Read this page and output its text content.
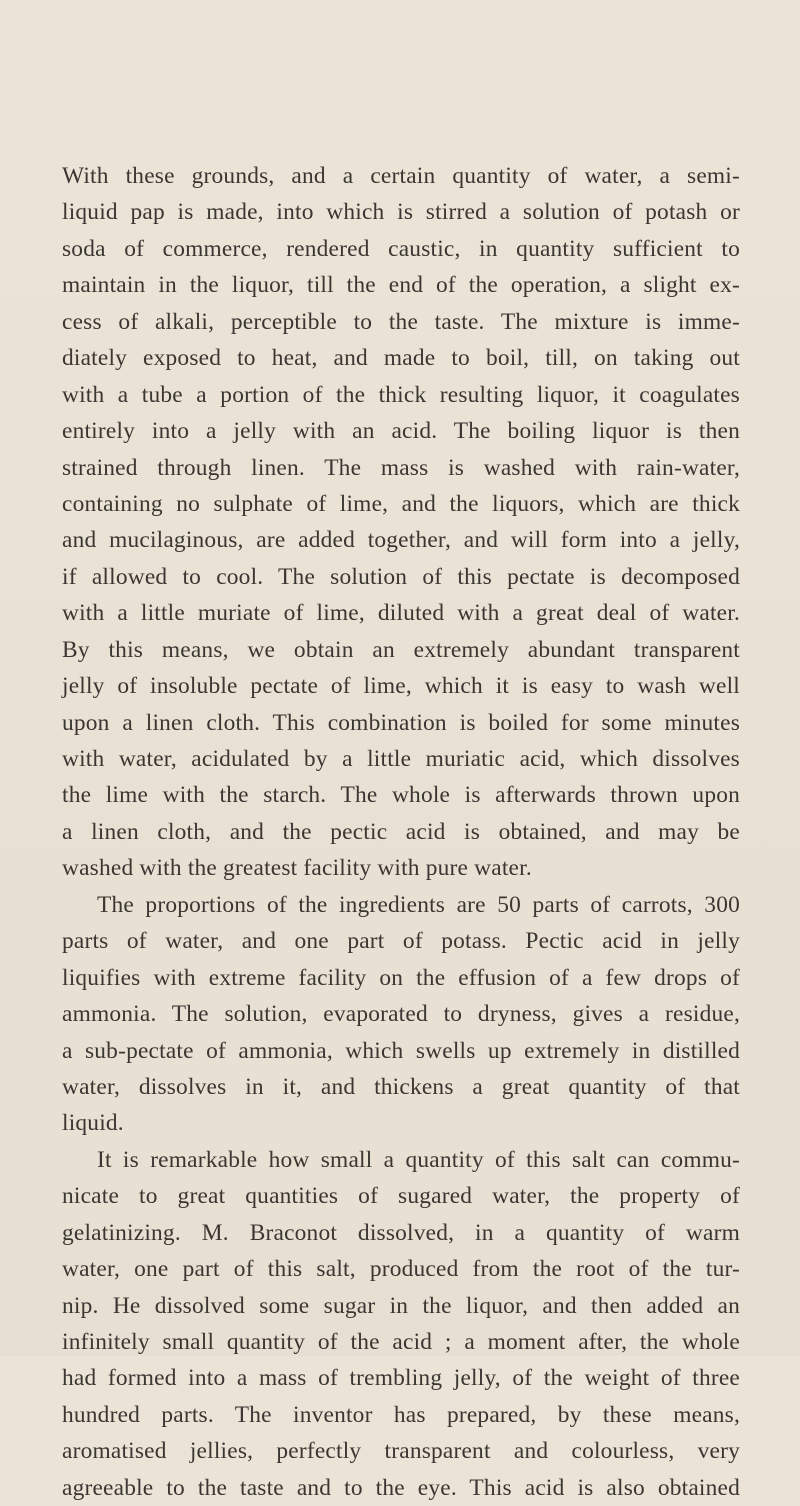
With these grounds, and a certain quantity of water, a semi-
liquid pap is made, into which is stirred a solution of potash or
soda of commerce, rendered caustic, in quantity sufficient to
maintain in the liquor, till the end of the operation, a slight ex-
cess of alkali, perceptible to the taste. The mixture is imme-
diately exposed to heat, and made to boil, till, on taking out
with a tube a portion of the thick resulting liquor, it coagulates
entirely into a jelly with an acid. The boiling liquor is then
strained through linen. The mass is washed with rain-water,
containing no sulphate of lime, and the liquors, which are thick
and mucilaginous, are added together, and will form into a jelly,
if allowed to cool. The solution of this pectate is decomposed
with a little muriate of lime, diluted with a great deal of water.
By this means, we obtain an extremely abundant transparent
jelly of insoluble pectate of lime, which it is easy to wash well
upon a linen cloth. This combination is boiled for some minutes
with water, acidulated by a little muriatic acid, which dissolves
the lime with the starch. The whole is afterwards thrown upon
a linen cloth, and the pectic acid is obtained, and may be
washed with the greatest facility with pure water.
The proportions of the ingredients are 50 parts of carrots, 300
parts of water, and one part of potass. Pectic acid in jelly
liquifies with extreme facility on the effusion of a few drops of
ammonia. The solution, evaporated to dryness, gives a residue,
a sub-pectate of ammonia, which swells up extremely in distilled
water, dissolves in it, and thickens a great quantity of that
liquid.
It is remarkable how small a quantity of this salt can commu-
nicate to great quantities of sugared water, the property of
gelatinizing. M. Braconot dissolved, in a quantity of warm
water, one part of this salt, produced from the root of the tur-
nip. He dissolved some sugar in the liquor, and then added an
infinitely small quantity of the acid ; a moment after, the whole
had formed into a mass of trembling jelly, of the weight of three
hundred parts. The inventor has prepared, by these means,
aromatised jellies, perfectly transparent and colourless, very
agreeable to the taste and to the eye. This acid is also obtained
